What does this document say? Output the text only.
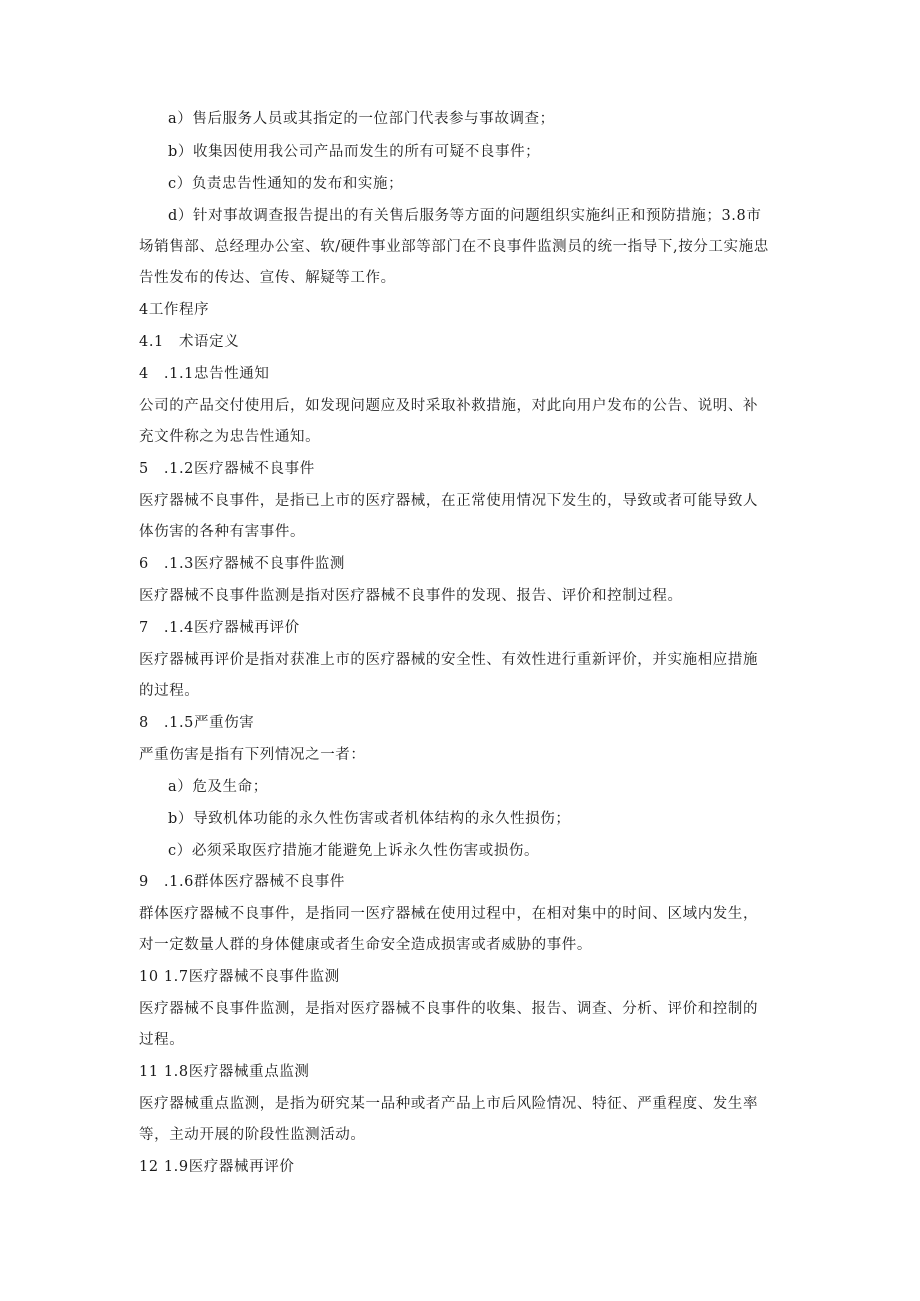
a）售后服务人员或其指定的一位部门代表参与事故调查；
b）收集因使用我公司产品而发生的所有可疑不良事件；
c）负责忠告性通知的发布和实施；
d）针对事故调查报告提出的有关售后服务等方面的问题组织实施纠正和预防措施；3.8市
场销售部、总经理办公室、软/硬件事业部等部门在不良事件监测员的统一指导下,按分工实施忠
告性发布的传达、宣传、解疑等工作。
4工作程序
4.1　术语定义
4　.1.1忠告性通知
公司的产品交付使用后，如发现问题应及时采取补救措施，对此向用户发布的公告、说明、补
充文件称之为忠告性通知。
5　.1.2医疗器械不良事件
医疗器械不良事件，是指已上市的医疗器械，在正常使用情况下发生的，导致或者可能导致人
体伤害的各种有害事件。
6　.1.3医疗器械不良事件监测
医疗器械不良事件监测是指对医疗器械不良事件的发现、报告、评价和控制过程。
7　.1.4医疗器械再评价
医疗器械再评价是指对获准上市的医疗器械的安全性、有效性进行重新评价，并实施相应措施
的过程。
8　.1.5严重伤害
严重伤害是指有下列情况之一者：
a）危及生命；
b）导致机体功能的永久性伤害或者机体结构的永久性损伤；
c）必须采取医疗措施才能避免上诉永久性伤害或损伤。
9　.1.6群体医疗器械不良事件
群体医疗器械不良事件，是指同一医疗器械在使用过程中，在相对集中的时间、区域内发生，
对一定数量人群的身体健康或者生命安全造成损害或者威胁的事件。
10 1.7医疗器械不良事件监测
医疗器械不良事件监测，是指对医疗器械不良事件的收集、报告、调查、分析、评价和控制的
过程。
11 1.8医疗器械重点监测
医疗器械重点监测，是指为研究某一品种或者产品上市后风险情况、特征、严重程度、发生率
等，主动开展的阶段性监测活动。
12 1.9医疗器械再评价
